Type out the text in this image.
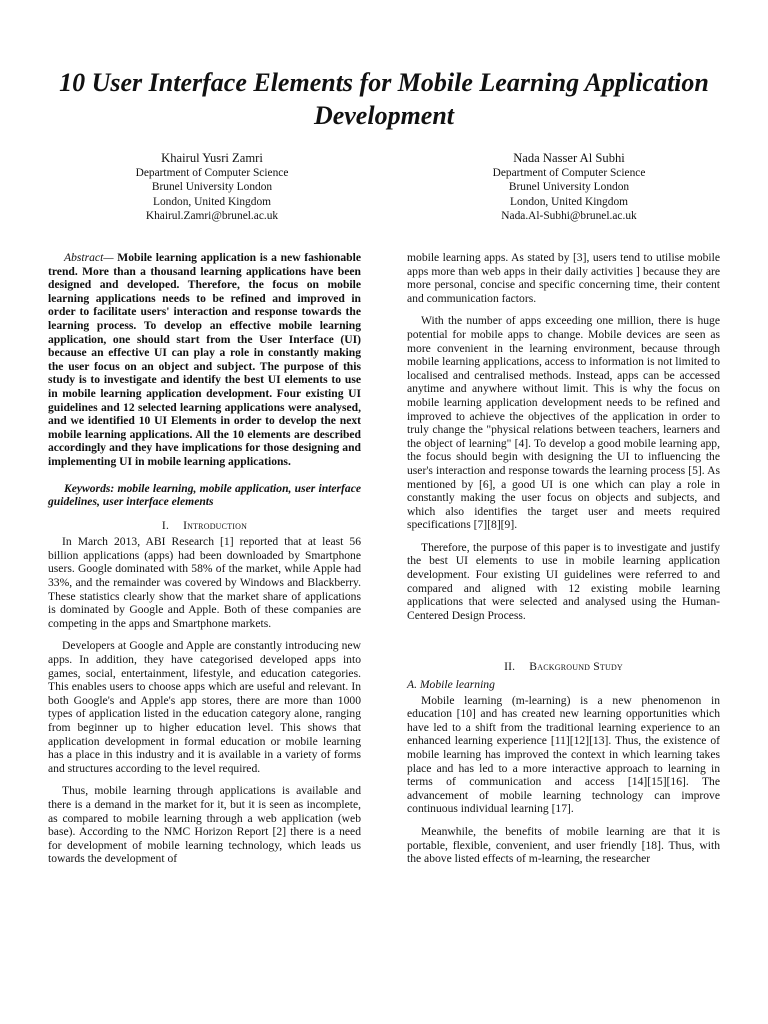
10 User Interface Elements for Mobile Learning Application Development
Khairul Yusri Zamri
Department of Computer Science
Brunel University London
London, United Kingdom
Khairul.Zamri@brunel.ac.uk
Nada Nasser Al Subhi
Department of Computer Science
Brunel University London
London, United Kingdom
Nada.Al-Subhi@brunel.ac.uk

Abstract— Mobile learning application is a new fashionable trend. More than a thousand learning applications have been designed and developed. Therefore, the focus on mobile learning applications needs to be refined and improved in order to facilitate users' interaction and response towards the learning process. To develop an effective mobile learning application, one should start from the User Interface (UI) because an effective UI can play a role in constantly making the user focus on an object and subject. The purpose of this study is to investigate and identify the best UI elements to use in mobile learning application development. Four existing UI guidelines and 12 selected learning applications were analysed, and we identified 10 UI Elements in order to develop the next mobile learning applications. All the 10 elements are described accordingly and they have implications for those designing and implementing UI in mobile learning applications.

Keywords: mobile learning, mobile application, user interface guidelines, user interface elements

I. Introduction

In March 2013, ABI Research [1] reported that at least 56 billion applications (apps) had been downloaded by Smartphone users. Google dominated with 58% of the market, while Apple had 33%, and the remainder was covered by Windows and Blackberry. These statistics clearly show that the market share of applications is dominated by Google and Apple. Both of these companies are competing in the apps and Smartphone markets.

Developers at Google and Apple are constantly introducing new apps. In addition, they have categorised developed apps into games, social, entertainment, lifestyle, and education categories. This enables users to choose apps which are useful and relevant. In both Google's and Apple's app stores, there are more than 1000 types of application listed in the education category alone, ranging from beginner up to higher education level. This shows that application development in formal education or mobile learning has a place in this industry and it is available in a variety of forms and structures according to the level required.

Thus, mobile learning through applications is available and there is a demand in the market for it, but it is seen as incomplete, as compared to mobile learning through a web application (web base). According to the NMC Horizon Report [2] there is a need for development of mobile learning technology, which leads us towards the development of

mobile learning apps. As stated by [3], users tend to utilise mobile apps more than web apps in their daily activities ] because they are more personal, concise and specific concerning time, their content and communication factors.

With the number of apps exceeding one million, there is huge potential for mobile apps to change. Mobile devices are seen as more convenient in the learning environment, because through mobile learning applications, access to information is not limited to localised and centralised methods. Instead, apps can be accessed anytime and anywhere without limit. This is why the focus on mobile learning application development needs to be refined and improved to achieve the objectives of the application in order to truly change the "physical relations between teachers, learners and the object of learning" [4]. To develop a good mobile learning app, the focus should begin with designing the UI to influencing the user's interaction and response towards the learning process [5]. As mentioned by [6], a good UI is one which can play a role in constantly making the user focus on objects and subjects, and which also identifies the target user and meets required specifications [7][8][9].

Therefore, the purpose of this paper is to investigate and justify the best UI elements to use in mobile learning application development. Four existing UI guidelines were referred to and compared and aligned with 12 existing mobile learning applications that were selected and analysed using the Human-Centered Design Process.

II. Background Study

A. Mobile learning

Mobile learning (m-learning) is a new phenomenon in education [10] and has created new learning opportunities which have led to a shift from the traditional learning experience to an enhanced learning experience [11][12][13]. Thus, the existence of mobile learning has improved the context in which learning takes place and has led to a more interactive approach to learning in terms of communication and access [14][15][16]. The advancement of mobile learning technology can improve continuous individual learning [17].

Meanwhile, the benefits of mobile learning are that it is portable, flexible, convenient, and user friendly [18]. Thus, with the above listed effects of m-learning, the researcher
